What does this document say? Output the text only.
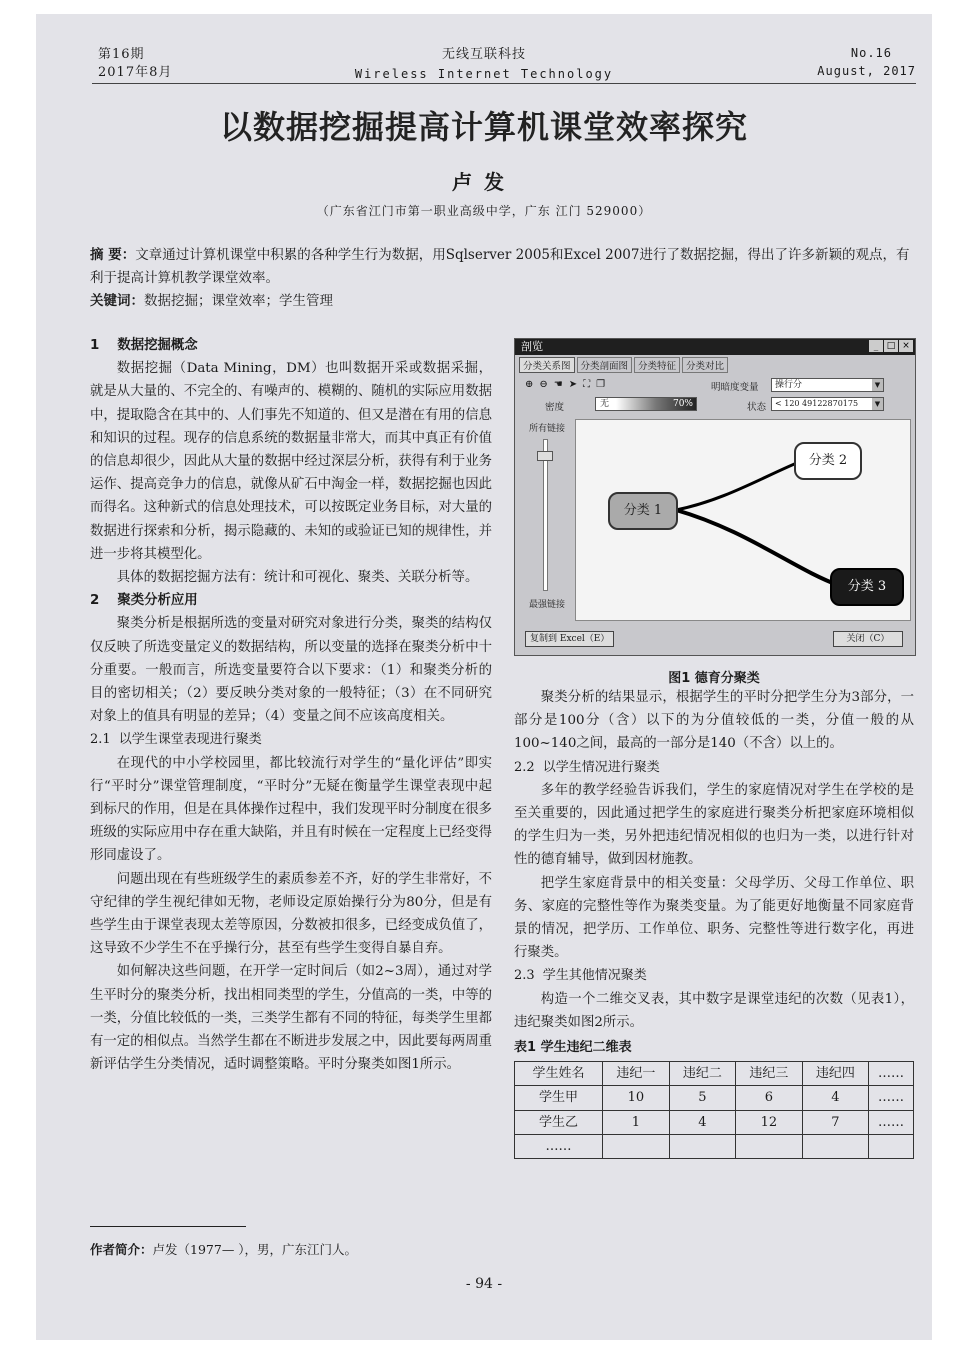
第16期
2017年8月
无线互联科技
Wireless Internet Technology
No.16
August, 2017
以数据挖掘提高计算机课堂效率探究
卢发
（广东省江门市第一职业高级中学，广东 江门 529000）
摘 要：文章通过计算机课堂中积累的各种学生行为数据，用Sqlserver 2005和Excel 2007进行了数据挖掘，得出了许多新颖的观点，有利于提高计算机教学课堂效率。
关键词：数据挖掘；课堂效率；学生管理
1 数据挖掘概念

数据挖掘（Data Mining，DM）也叫数据开采或数据采掘，就是从大量的、不完全的、有噪声的、模糊的、随机的实际应用数据中，提取隐含在其中的、人们事先不知道的、但又是潜在有用的信息和知识的过程。现存的信息系统的数据量非常大，而其中真正有价值的信息却很少，因此从大量的数据中经过深层分析，获得有利于业务运作、提高竞争力的信息，就像从矿石中淘金一样，数据挖掘也因此而得名。这种新式的信息处理技术，可以按既定业务目标，对大量的数据进行探索和分析，揭示隐藏的、未知的或验证已知的规律性，并进一步将其模型化。

具体的数据挖掘方法有：统计和可视化、聚类、关联分析等。

2 聚类分析应用

聚类分析是根据所选的变量对研究对象进行分类，聚类的结构仅仅反映了所选变量定义的数据结构，所以变量的选择在聚类分析中十分重要。一般而言，所选变量要符合以下要求：（1）和聚类分析的目的密切相关；（2）要反映分类对象的一般特征；（3）在不同研究对象上的值具有明显的差异；（4）变量之间不应该高度相关。

2.1 以学生课堂表现进行聚类

在现代的中小学校园里，都比较流行对学生的“量化评估”即实行“平时分”课堂管理制度，“平时分”无疑在衡量学生课堂表现中起到标尺的作用，但是在具体操作过程中，我们发现平时分制度在很多班级的实际应用中存在重大缺陷，并且有时候在一定程度上已经变得形同虚设了。

问题出现在有些班级学生的素质参差不齐，好的学生非常好，不守纪律的学生视纪律如无物，老师设定原始操行分为80分，但是有些学生由于课堂表现太差等原因，分数被扣很多，已经变成负值了，这导致不少学生不在乎操行分，甚至有些学生变得自暴自弃。

如何解决这些问题，在开学一定时间后（如2~3周），通过对学生平时分的聚类分析，找出相同类型的学生，分值高的一类，中等的一类，分值比较低的一类，三类学生都有不同的特征，每类学生里都有一定的相似点。当然学生都在不断进步发展之中，因此要每两周重新评估学生分类情况，适时调整策略。平时分聚类如图1所示。

作者简介：卢发（1977— ），男，广东江门人。
剖览	_ □ ×
分类关系图	分类剖面图	分类特征	分类对比
⊕ ⊖ ☚ ➤ ⛶ ❐	明暗度变量	操行分	▼
密度	无	70%	状态	< 120 49122870175	▼
所有链接
最强链接
分类 1
分类 2
分类 3
复制到 Excel（E）	关闭（C）
图1 德育分聚类

聚类分析的结果显示，根据学生的平时分把学生分为3部分，一部分是100分（含）以下的为分值较低的一类，分值一般的从100~140之间，最高的一部分是140（不含）以上的。

2.2 以学生情况进行聚类

多年的教学经验告诉我们，学生的家庭情况对学生在学校的是至关重要的，因此通过把学生的家庭进行聚类分析把家庭环境相似的学生归为一类，另外把违纪情况相似的也归为一类，以进行针对性的德育辅导，做到因材施教。

把学生家庭背景中的相关变量：父母学历、父母工作单位、职务、家庭的完整性等作为聚类变量。为了能更好地衡量不同家庭背景的情况，把学历、工作单位、职务、完整性等进行数字化，再进行聚类。

2.3 学生其他情况聚类

构造一个二维交叉表，其中数字是课堂违纪的次数（见表1），违纪聚类如图2所示。

表1 学生违纪二维表
学生姓名	违纪一	违纪二	违纪三	违纪四	……
学生甲	10	5	6	4	……
学生乙	1	4	12	7	……
……					
- 94 -
